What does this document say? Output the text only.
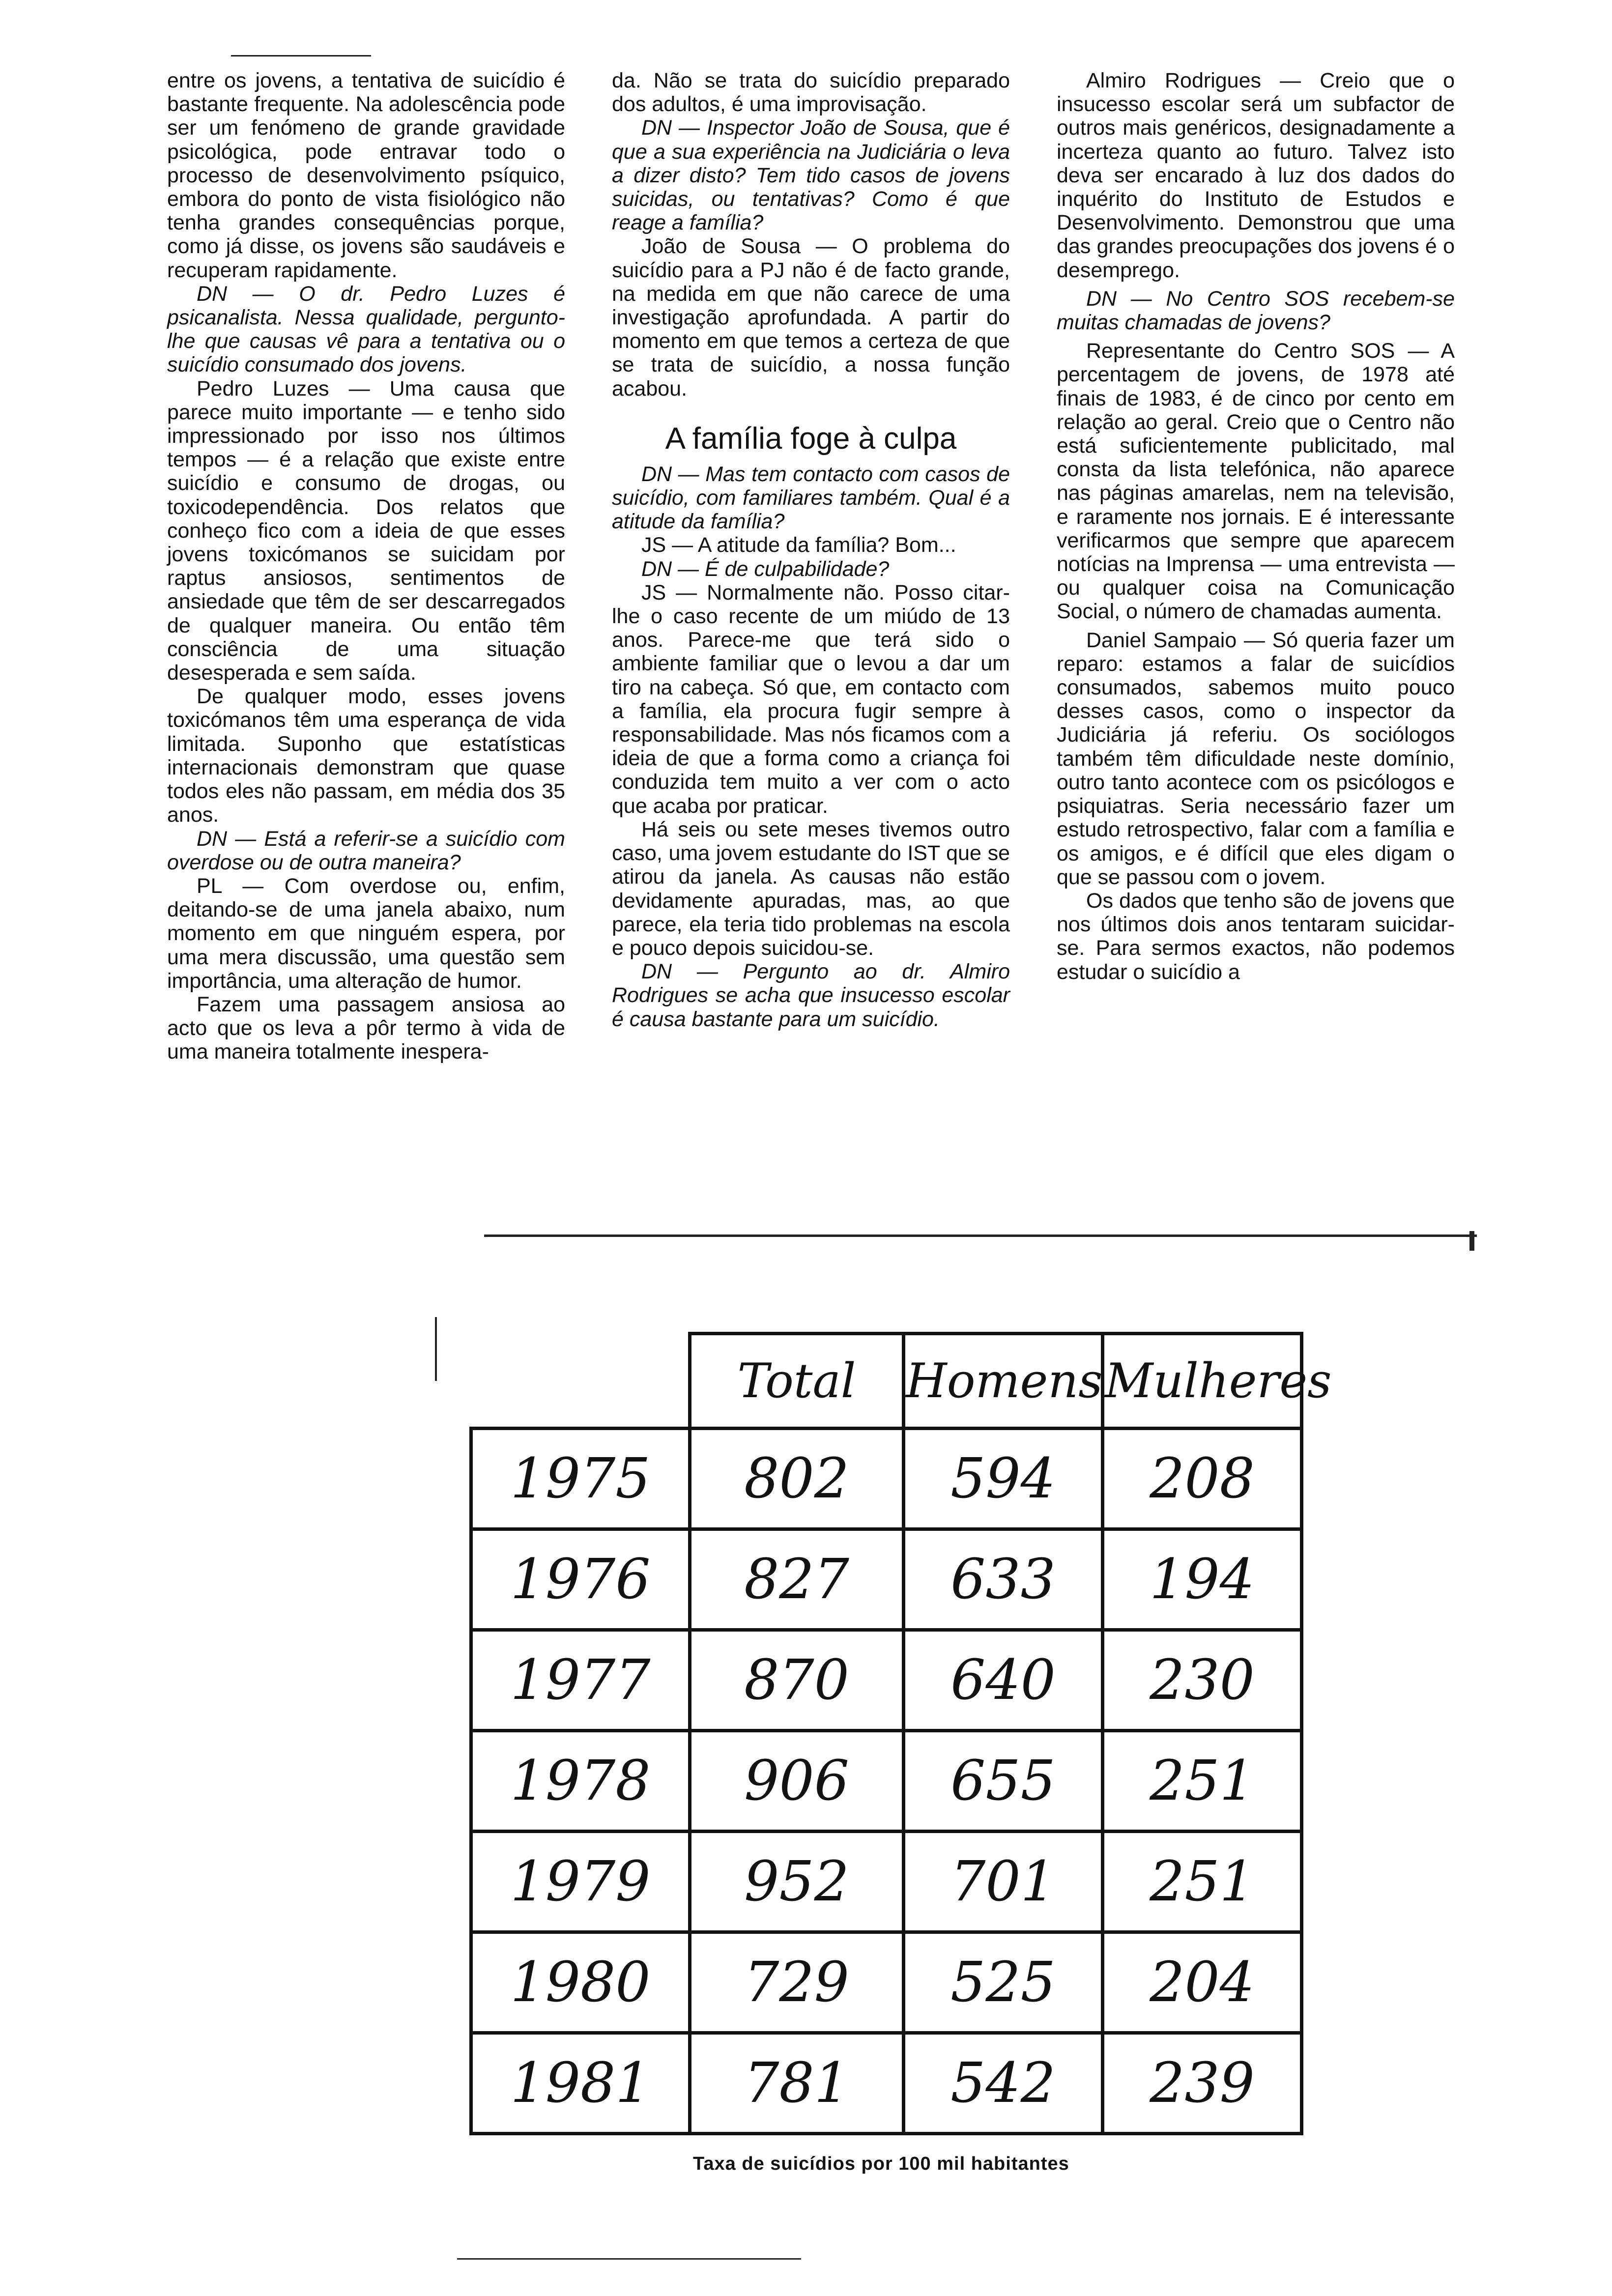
entre os jovens, a tentativa de suicídio é bastante frequente. Na adolescência pode ser um fenómeno de grande gravidade psicológica, pode entravar todo o processo de desenvolvimento psíquico, embora do ponto de vista fisiológico não tenha grandes consequências porque, como já disse, os jovens são saudáveis e recuperam rapidamente.

DN — O dr. Pedro Luzes é psicanalista. Nessa qualidade, pergunto-lhe que causas vê para a tentativa ou o suicídio consumado dos jovens.

Pedro Luzes — Uma causa que parece muito importante — e tenho sido impressionado por isso nos últimos tempos — é a relação que existe entre suicídio e consumo de drogas, ou toxicodependência. Dos relatos que conheço fico com a ideia de que esses jovens toxicómanos se suicidam por raptus ansiosos, sentimentos de ansiedade que têm de ser descarregados de qualquer maneira. Ou então têm consciência de uma situação desesperada e sem saída.

De qualquer modo, esses jovens toxicómanos têm uma esperança de vida limitada. Suponho que estatísticas internacionais demonstram que quase todos eles não passam, em média dos 35 anos.

DN — Está a referir-se a suicídio com overdose ou de outra maneira?

PL — Com overdose ou, enfim, deitando-se de uma janela abaixo, num momento em que ninguém espera, por uma mera discussão, uma questão sem importância, uma alteração de humor.

Fazem uma passagem ansiosa ao acto que os leva a pôr termo à vida de uma maneira totalmente inespera-

da. Não se trata do suicídio preparado dos adultos, é uma improvisação.

DN — Inspector João de Sousa, que é que a sua experiência na Judiciária o leva a dizer disto? Tem tido casos de jovens suicidas, ou tentativas? Como é que reage a família?

João de Sousa — O problema do suicídio para a PJ não é de facto grande, na medida em que não carece de uma investigação aprofundada. A partir do momento em que temos a certeza de que se trata de suicídio, a nossa função acabou.

A família foge à culpa

DN — Mas tem contacto com casos de suicídio, com familiares também. Qual é a atitude da família?

JS — A atitude da família? Bom...

DN — É de culpabilidade?

JS — Normalmente não. Posso citar-lhe o caso recente de um miúdo de 13 anos. Parece-me que terá sido o ambiente familiar que o levou a dar um tiro na cabeça. Só que, em contacto com a família, ela procura fugir sempre à responsabilidade. Mas nós ficamos com a ideia de que a forma como a criança foi conduzida tem muito a ver com o acto que acaba por praticar.

Há seis ou sete meses tivemos outro caso, uma jovem estudante do IST que se atirou da janela. As causas não estão devidamente apuradas, mas, ao que parece, ela teria tido problemas na escola e pouco depois suicidou-se.

DN — Pergunto ao dr. Almiro Rodrigues se acha que insucesso escolar é causa bastante para um suicídio.

Almiro Rodrigues — Creio que o insucesso escolar será um subfactor de outros mais genéricos, designadamente a incerteza quanto ao futuro. Talvez isto deva ser encarado à luz dos dados do inquérito do Instituto de Estudos e Desenvolvimento. Demonstrou que uma das grandes preocupações dos jovens é o desemprego.

DN — No Centro SOS recebem-se muitas chamadas de jovens?

Representante do Centro SOS — A percentagem de jovens, de 1978 até finais de 1983, é de cinco por cento em relação ao geral. Creio que o Centro não está suficientemente publicitado, mal consta da lista telefónica, não aparece nas páginas amarelas, nem na televisão, e raramente nos jornais. E é interessante verificarmos que sempre que aparecem notícias na Imprensa — uma entrevista — ou qualquer coisa na Comunicação Social, o número de chamadas aumenta.

Daniel Sampaio — Só queria fazer um reparo: estamos a falar de suicídios consumados, sabemos muito pouco desses casos, como o inspector da Judiciária já referiu. Os sociólogos também têm dificuldade neste domínio, outro tanto acontece com os psicólogos e psiquiatras. Seria necessário fazer um estudo retrospectivo, falar com a família e os amigos, e é difícil que eles digam o que se passou com o jovem.

Os dados que tenho são de jovens que nos últimos dois anos tentaram suicidar-se. Para sermos exactos, não podemos estudar o suicídio a

	Total	Homens	Mulheres
1975	802	594	208
1976	827	633	194
1977	870	640	230
1978	906	655	251
1979	952	701	251
1980	729	525	204
1981	781	542	239
Taxa de suicídios por 100 mil habitantes
